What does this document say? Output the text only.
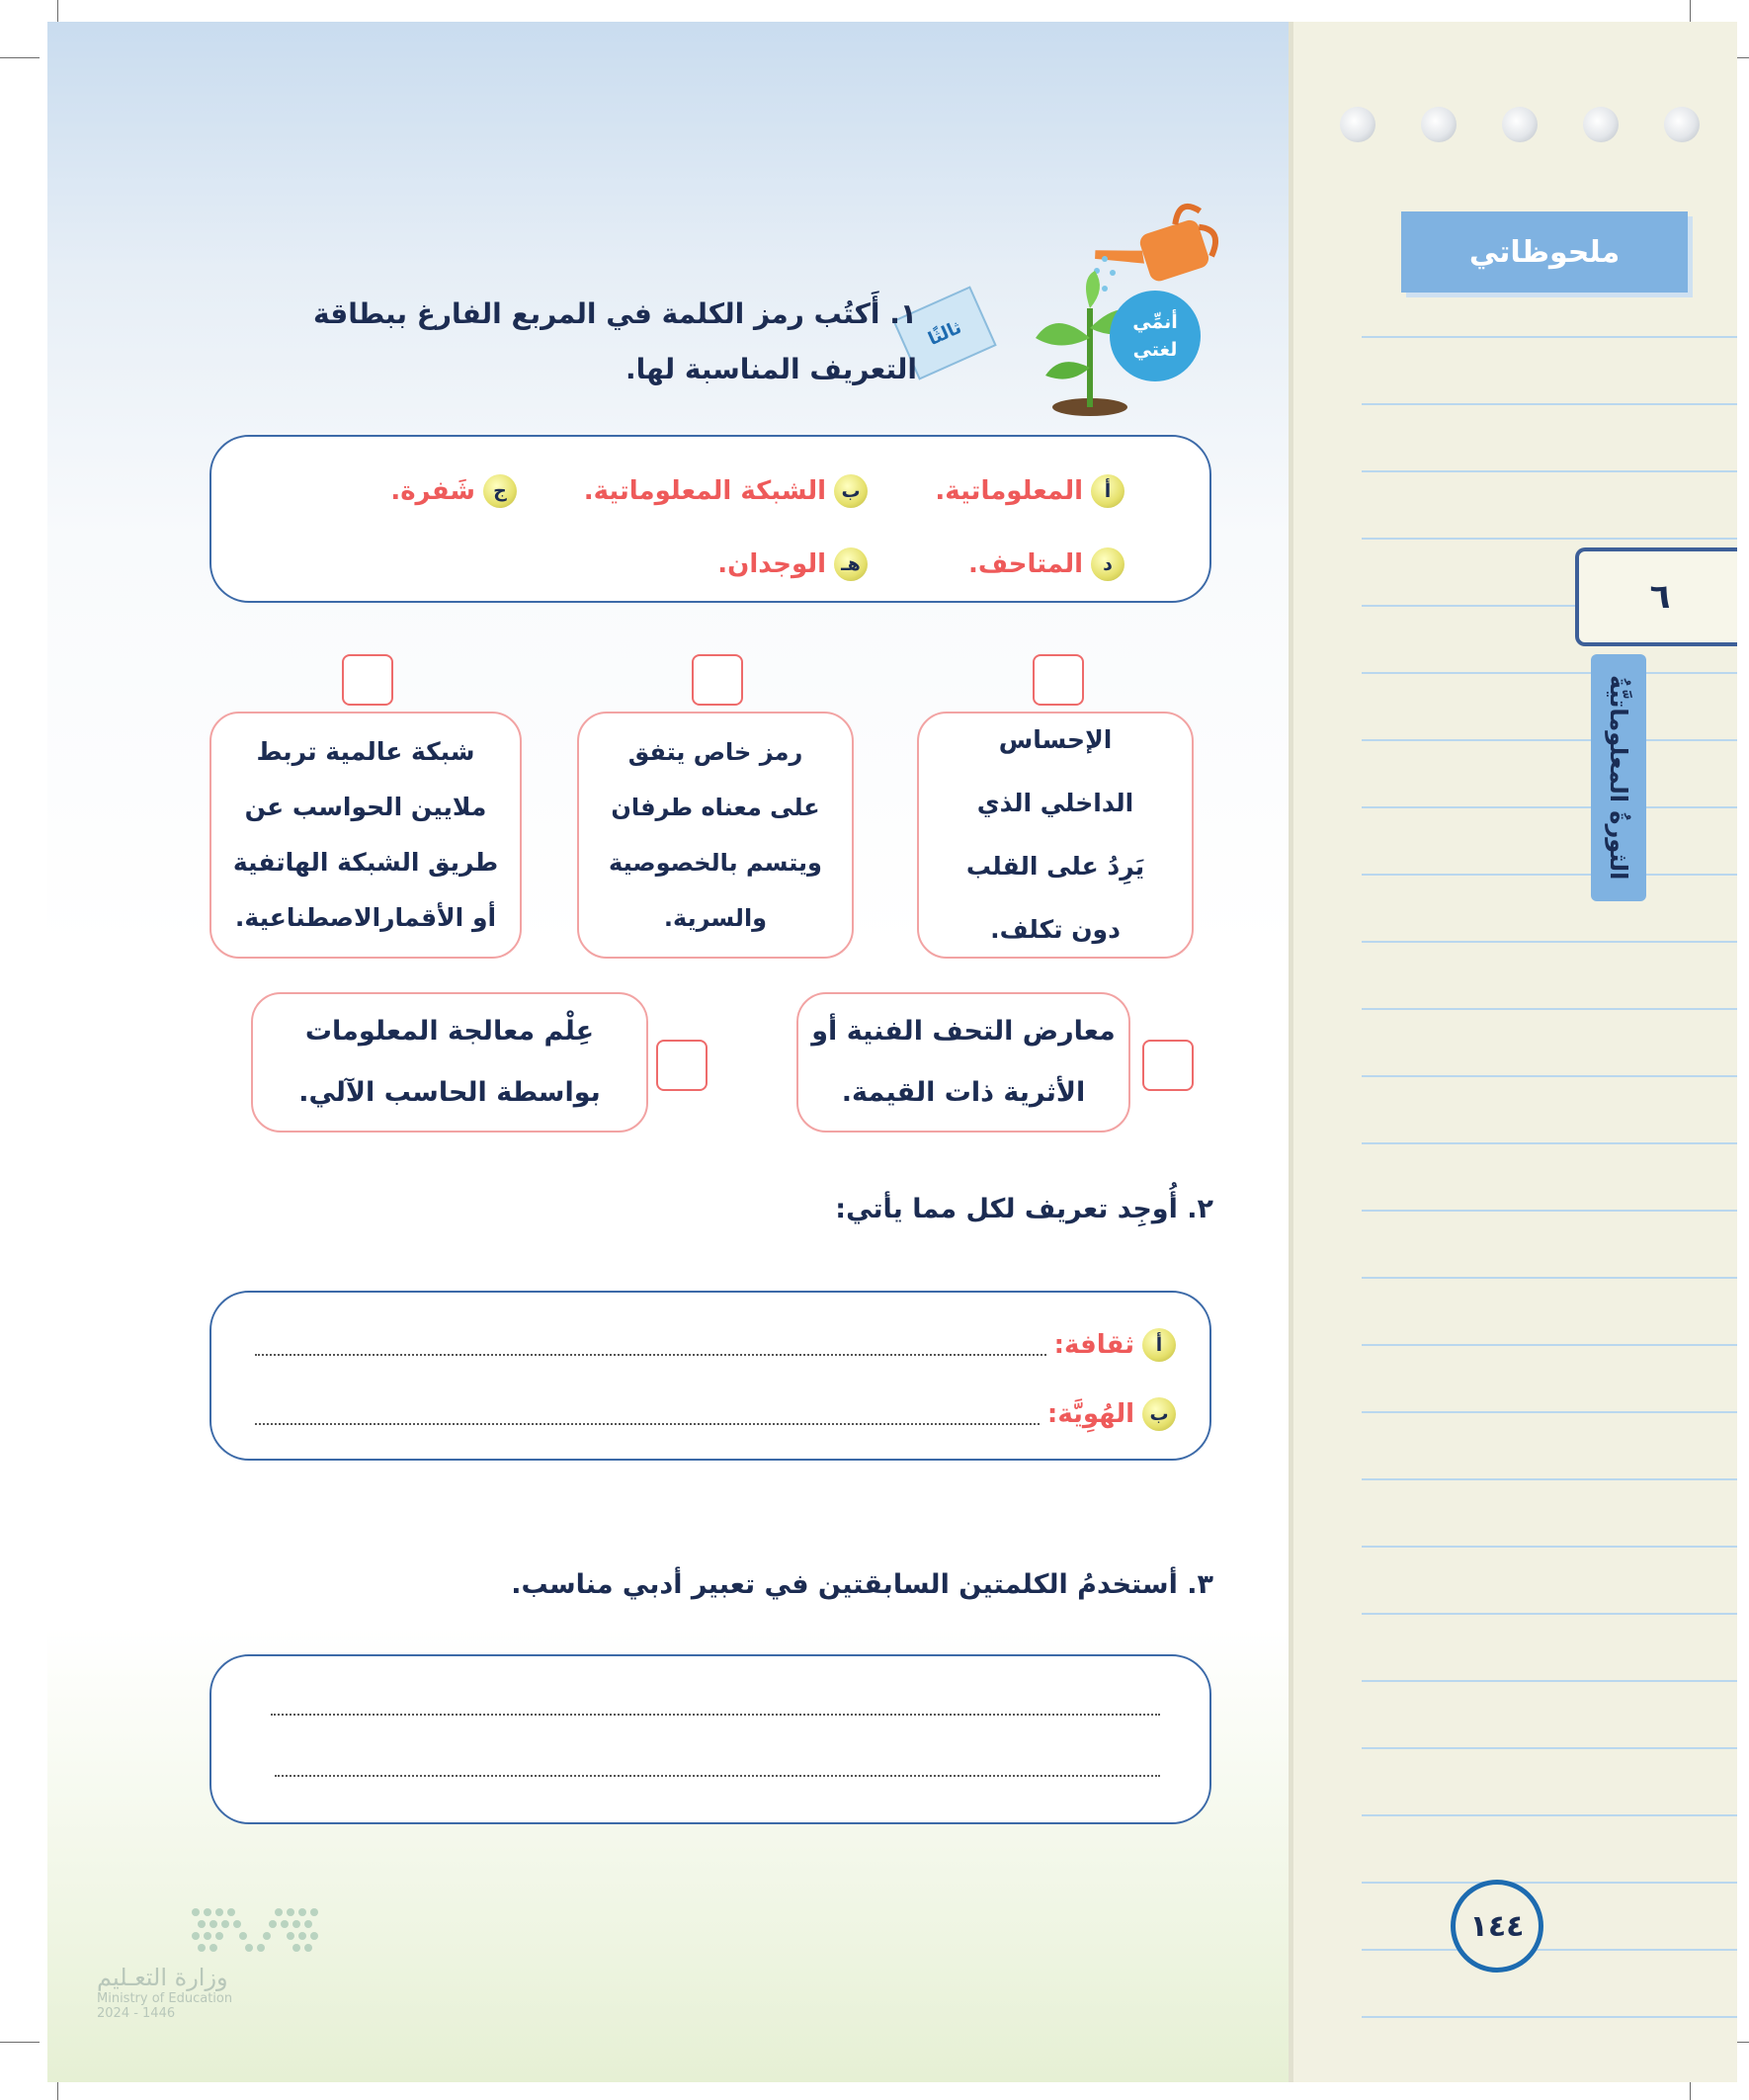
ملحوظاتي
٦
الثورةُ المعلوماتيَّةُ
١٤٤
أنمِّي لغتي
ثالثًا
١. أَكتُب رمز الكلمة في المربع الفارغ ببطاقة
التعريف المناسبة لها.
أ
المعلوماتية.
ب
الشبكة المعلوماتية.
ج
شَفرة.
د
المتاحف.
هـ
الوجدان.
الإحساس الداخلي الذي يَرِدُ على القلب دون تكلف.
رمز خاص يتفق على معناه طرفان ويتسم بالخصوصية والسرية.
شبكة عالمية تربط ملايين الحواسب عن طريق الشبكة الهاتفية أو الأقمارالاصطناعية.
معارض التحف الفنية أو الأثرية ذات القيمة.
عِلْم معالجة المعلومات بواسطة الحاسب الآلي.
٢. أُوجِد تعريف لكل مما يأتي:
أ
ثقافة:
ب
الهُوِيَّة:
٣. أستخدمُ الكلمتين السابقتين في تعبير أدبي مناسب.
وزارة التعـليم
Ministry of Education
2024 - 1446
